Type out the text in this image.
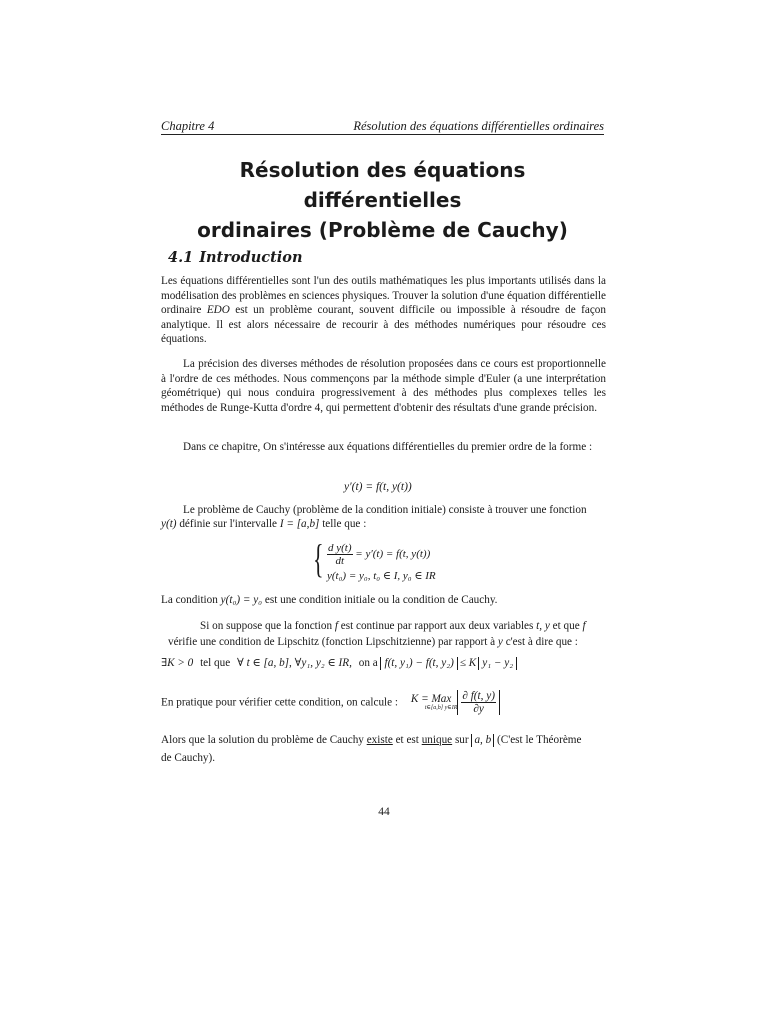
Chapitre 4	Résolution des équations différentielles ordinaires
Résolution des équations différentielles
ordinaires (Problème de Cauchy)
4.1 Introduction
Les équations différentielles sont l'un des outils mathématiques les plus importants utilisés dans la modélisation des problèmes en sciences physiques. Trouver la solution d'une équation différentielle ordinaire EDO est un problème courant, souvent difficile ou impossible à résoudre de façon analytique. Il est alors nécessaire de recourir à des méthodes numériques pour résoudre ces équations.
La précision des diverses méthodes de résolution proposées dans ce cours est proportionnelle à l'ordre de ces méthodes. Nous commençons par la méthode simple d'Euler (a une interprétation géométrique) qui nous conduira progressivement à des méthodes plus complexes telles les méthodes de Runge-Kutta d'ordre 4, qui permettent d'obtenir des résultats d'une grande précision.
Dans ce chapitre, On s'intéresse aux équations différentielles du premier ordre de la forme :
y′(t) = f(t, y(t))
Le problème de Cauchy (problème de la condition initiale) consiste à trouver une fonction
y(t) définie sur l'intervalle I = [a,b] telle que :
{ $\frac{\text{d y(t)}}{dt} = y'(t) = f(t$, y(t))
y(t₀) = y₀, t₀ ∈ I, y₀ ∈ IR
La condition y(t₀) = y₀ est une condition initiale ou la condition de Cauchy.
Si on suppose que la fonction f est continue par rapport aux deux variables t, y et que f
vérifie une condition de Lipschitz (fonction Lipschitzienne) par rapport à y c'est à dire que :
∃K > 0 tel que ∀ t ∈ [a, b], ∀y₁, y₂ ∈ IR, on a f(t, y₁) − f(t, y₂) ≤ K y₁ − y₂
En pratique pour vérifier cette condition, on calcule :	K = Max
t∈[a,b] y∈IR $\frac{\partial f(t, y)}{\partial y}$
Alors que la solution du problème de Cauchy existe et est unique sur a, b (C'est le Théorème
de Cauchy).
44
